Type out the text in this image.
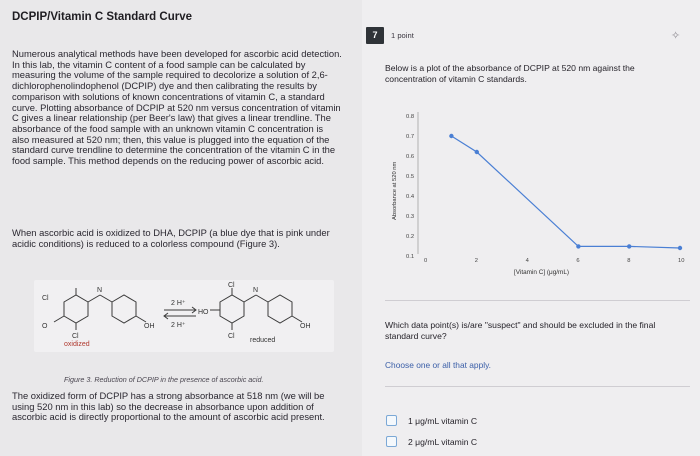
DCPIP/Vitamin C Standard Curve
Numerous analytical methods have been developed for ascorbic acid detection. In this lab, the vitamin C content of a food sample can be calculated by measuring the volume of the sample required to decolorize a solution of 2,6-dichlorophenolindophenol (DCPIP) dye and then calibrating the results by comparison with solutions of known concentrations of vitamin C, a standard curve. Plotting absorbance of DCPIP at 520 nm versus concentration of vitamin C gives a linear relationship (per Beer's law) that gives a linear trendline. The absorbance of the food sample with an unknown vitamin C concentration is also measured at 520 nm; then, this value is plugged into the equation of the standard curve trendline to determine the concentration of the vitamin C in the food sample. This method depends on the reducing power of ascorbic acid.
When ascorbic acid is oxidized to DHA, DCPIP (a blue dye that is pink under acidic conditions) is reduced to a colorless compound (Figure 3).
Cl
O
Cl
N
OH
oxidized
2 H⁺
2 H⁺
HO
Cl
Cl
N
OH
reduced
Figure 3. Reduction of DCPIP in the presence of ascorbic acid.
The oxidized form of DCPIP has a strong absorbance at 518 nm (we will be using 520 nm in this lab) so the decrease in absorbance upon addition of ascorbic acid is directly proportional to the amount of ascorbic acid present.
7	1 point	✧
Below is a plot of the absorbance of DCPIP at 520 nm against the concentration of vitamin C standards.
0.1
0.2
0.3
0.4
0.5
0.6
0.7
0.8
0	2	4	6	8	10
Absorbance at 520 nm
[Vitamin C] (μg/mL)
Which data point(s) is/are "suspect" and should be excluded in the final standard curve?
Choose one or all that apply.
1 μg/mL vitamin C
2 μg/mL vitamin C
